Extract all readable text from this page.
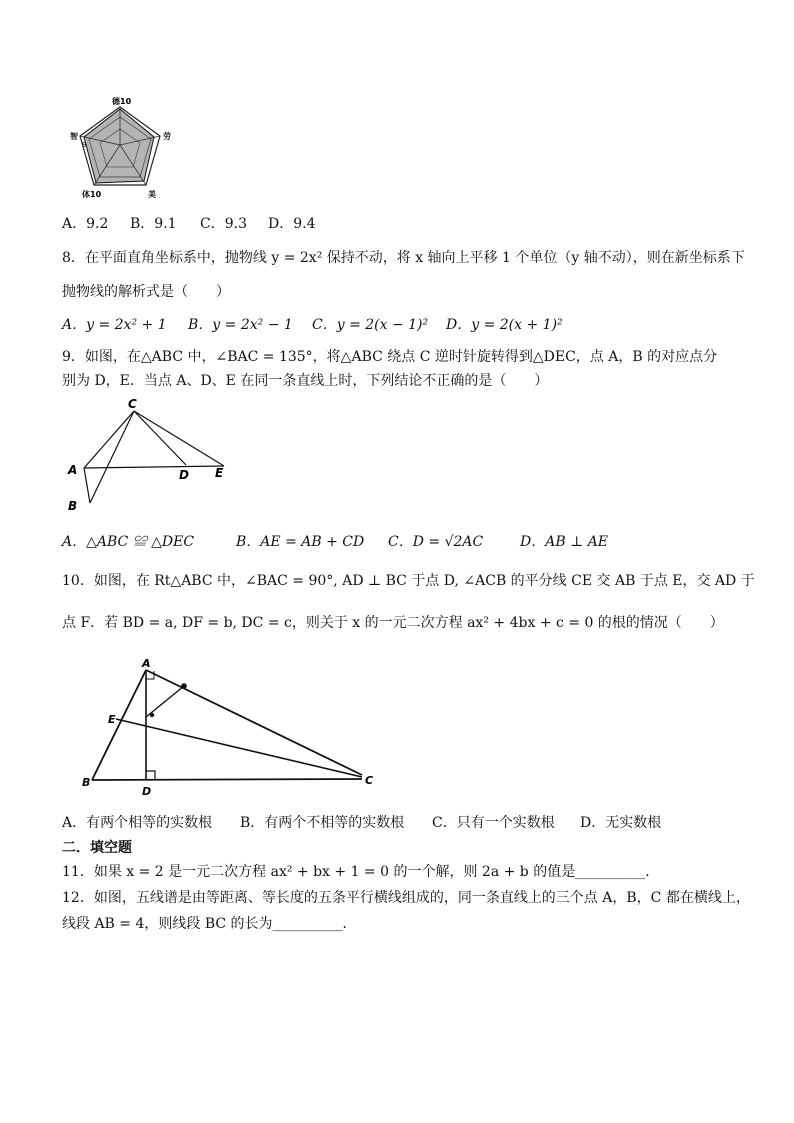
德10
智
9
劳
体10	美
A．9.2 B．9.1 C．9.3 D．9.4
8．在平面直角坐标系中，抛物线 y = 2x² 保持不动，将 x 轴向上平移 1 个单位（y 轴不动），则在新坐标系下
抛物线的解析式是（　　）
A．y = 2x² + 1 B．y = 2x² − 1 C．y = 2(x − 1)² D．y = 2(x + 1)²
9．如图，在△ABC 中，∠BAC = 135°，将△ABC 绕点 C 逆时针旋转得到△DEC，点 A，B 的对应点分
别为 D，E．当点 A、D、E 在同一条直线上时，下列结论不正确的是（　　）
C
A	D E
B
A．△ABC ≌ △DEC	B．AE = AB + CD C．D = √2AC	D．AB ⊥ AE
10．如图，在 Rt△ABC 中，∠BAC = 90°, AD ⊥ BC 于点 D, ∠ACB 的平分线 CE 交 AB 于点 E，交 AD 于
点 F．若 BD = a, DF = b, DC = c，则关于 x 的一元二次方程 ax² + 4bx + c = 0 的根的情况（　　）
A
E
B
D
C
A．有两个相等的实数根 B．有两个不相等的实数根 C．只有一个实数根 D．无实数根
二．填空题
11．如果 x = 2 是一元二次方程 ax² + bx + 1 = 0 的一个解，则 2a + b 的值是__________．
12．如图，五线谱是由等距离、等长度的五条平行横线组成的，同一条直线上的三个点 A，B，C 都在横线上，
线段 AB = 4，则线段 BC 的长为__________．
